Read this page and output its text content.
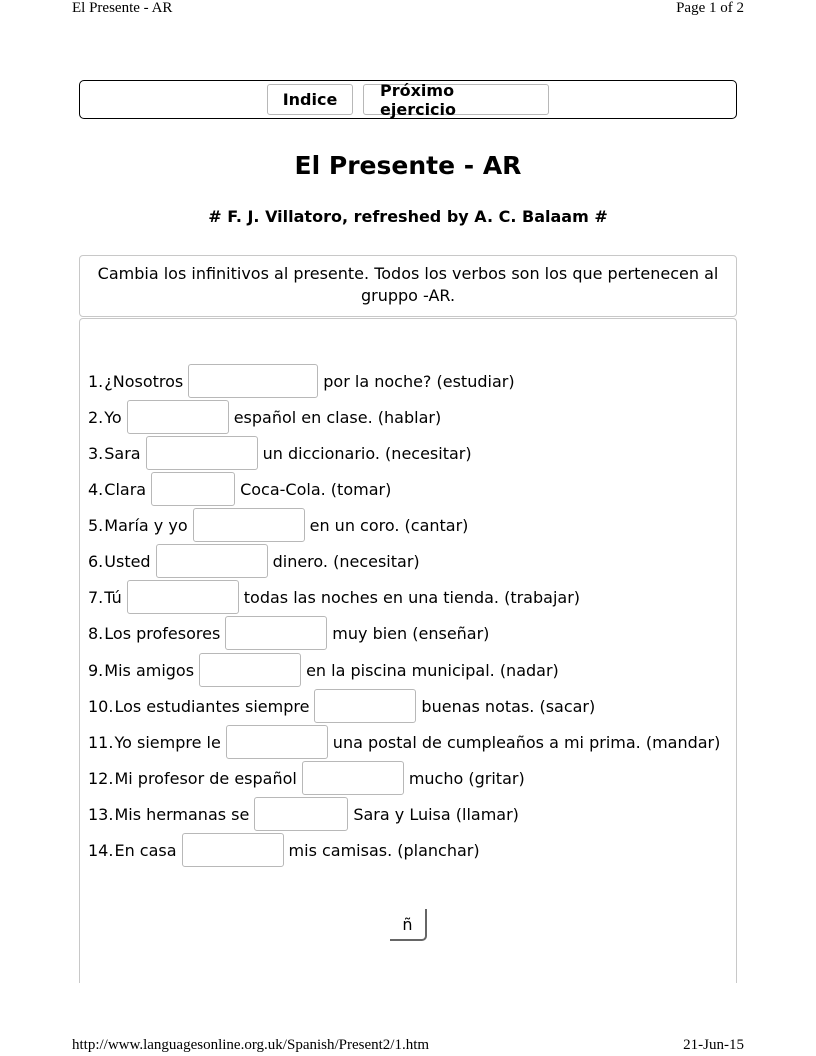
El Presente - AR	Page 1 of 2
Indice	Próximo ejercicio
El Presente - AR
# F. J. Villatoro, refreshed by A. C. Balaam #
Cambia los infinitivos al presente. Todos los verbos son los que pertenecen al gruppo -AR.
1. ¿Nosotros	por la noche? (estudiar)
2. Yo	español en clase. (hablar)
3. Sara	un diccionario. (necesitar)
4. Clara	Coca-Cola. (tomar)
5. María y yo	en un coro. (cantar)
6. Usted	dinero. (necesitar)
7. Tú	todas las noches en una tienda. (trabajar)
8. Los profesores	muy bien (enseñar)
9. Mis amigos	en la piscina municipal. (nadar)
10. Los estudiantes siempre	buenas notas. (sacar)
11. Yo siempre le	una postal de cumpleaños a mi prima. (mandar)
12. Mi profesor de español	mucho (gritar)
13. Mis hermanas se	Sara y Luisa (llamar)
14. En casa	mis camisas. (planchar)
ñ
http://www.languagesonline.org.uk/Spanish/Present2/1.htm	21-Jun-15
